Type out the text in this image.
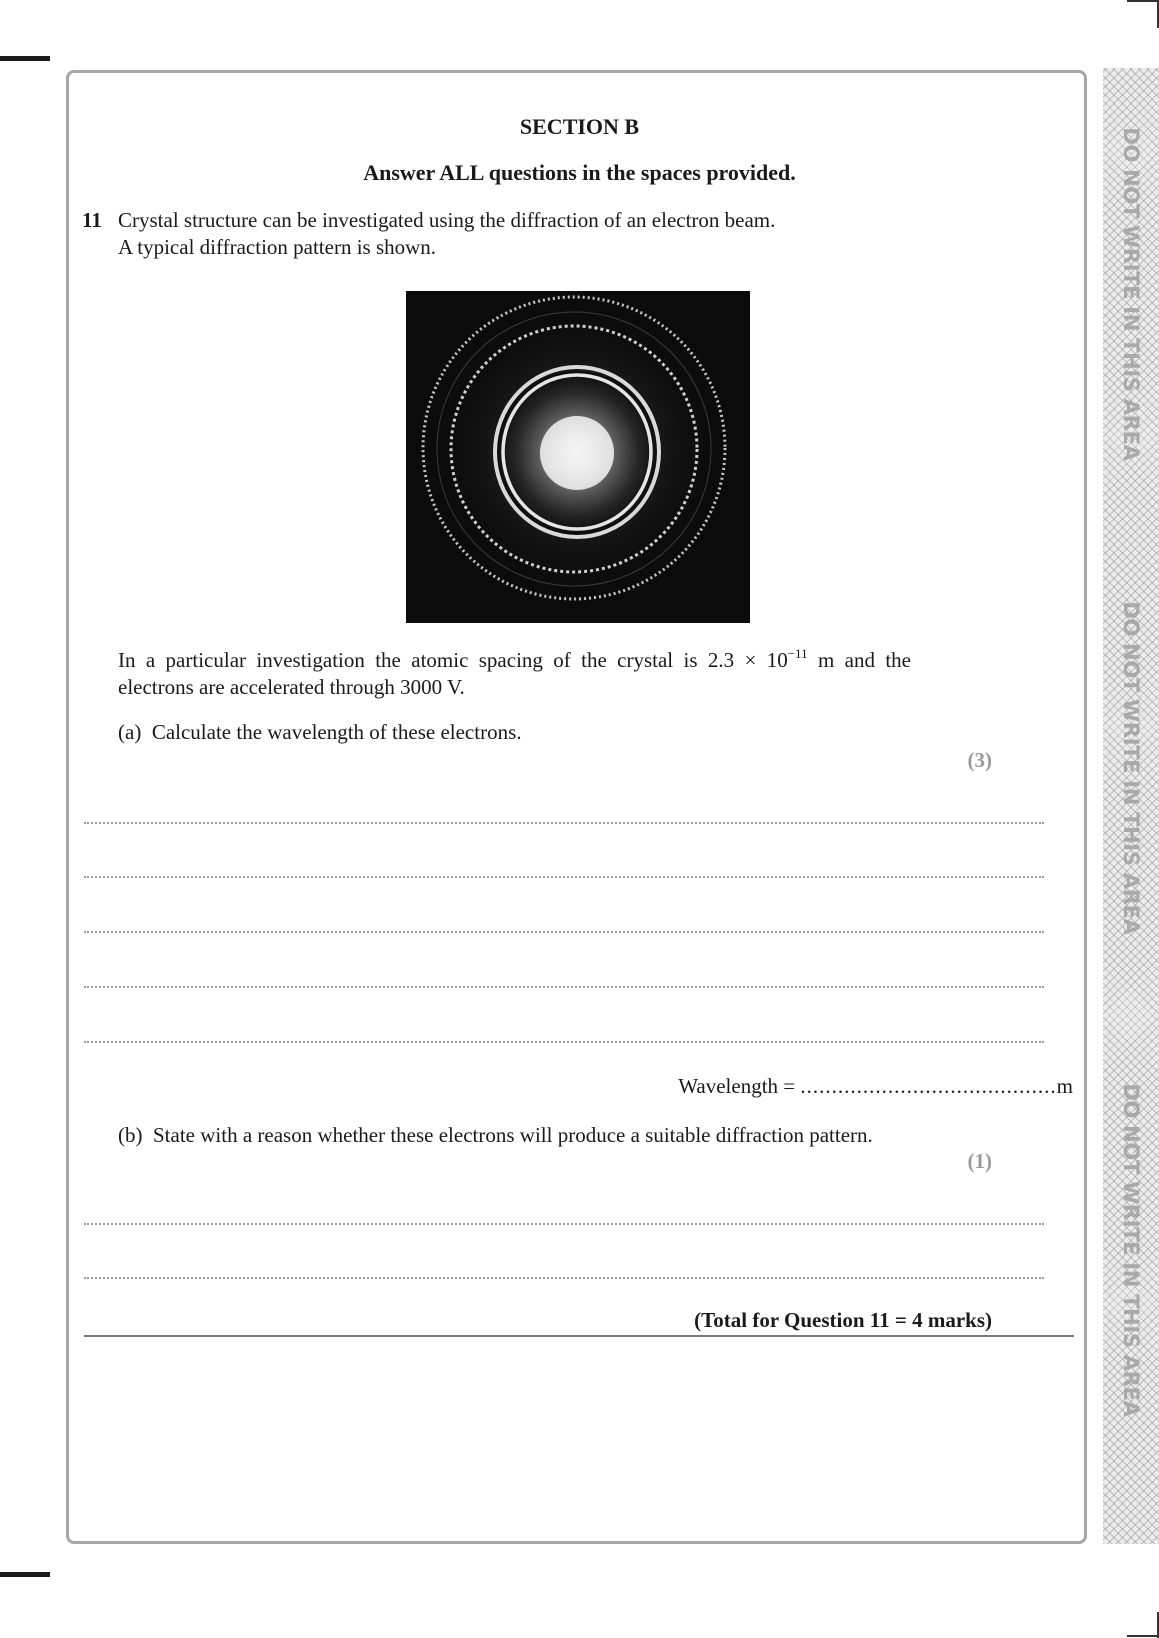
DO NOT WRITE IN THIS AREA
DO NOT WRITE IN THIS AREA
DO NOT WRITE IN THIS AREA
SECTION B
Answer ALL questions in the spaces provided.
11 Crystal structure can be investigated using the diffraction of an electron beam.
A typical diffraction pattern is shown.
In a particular investigation the atomic spacing of the crystal is $2.3 \times 10^{-11}$ m and the
electrons are accelerated through 3000 V.
(a) Calculate the wavelength of these electrons.
(3)
Wavelength = .........................................m
(b) State with a reason whether these electrons will produce a suitable diffraction pattern.
(1)
(Total for Question 11 = 4 marks)
